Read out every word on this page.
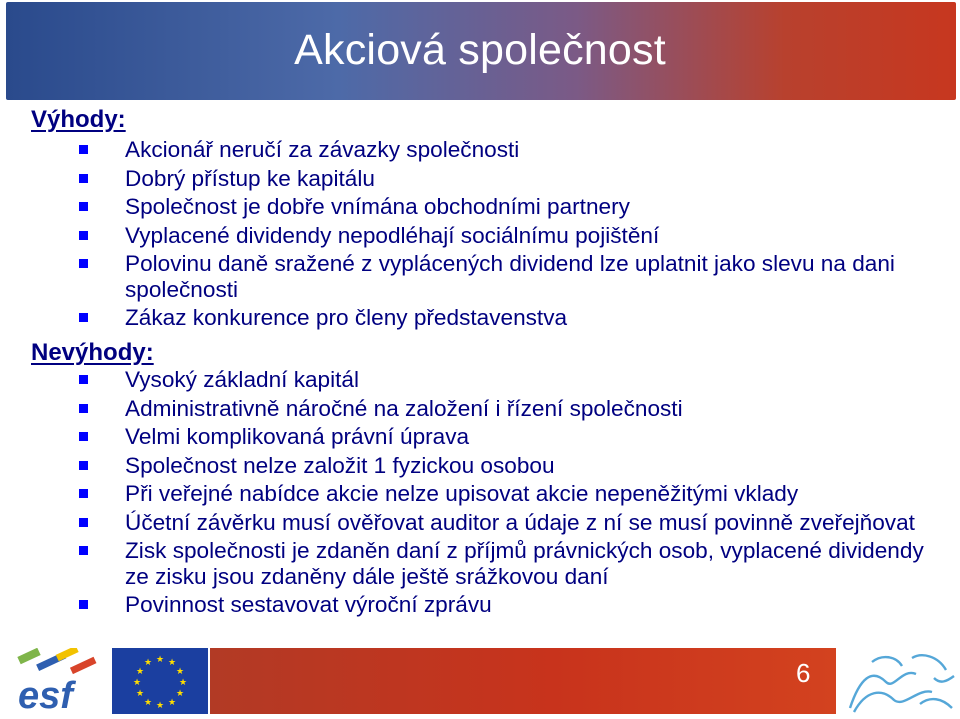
Akciová společnost
Výhody:
Akcionář neručí za závazky společnosti
Dobrý přístup ke kapitálu
Společnost je dobře vnímána obchodními partnery
Vyplacené dividendy nepodléhají sociálnímu pojištění
Polovinu daně sražené z vyplácených dividend lze uplatnit jako slevu na dani společnosti
Zákaz konkurence pro členy představenstva
Nevýhody:
Vysoký základní kapitál
Administrativně náročné na založení i řízení společnosti
Velmi komplikovaná právní úprava
Společnost nelze založit 1 fyzickou osobou
Při veřejné nabídce akcie nelze upisovat akcie nepeněžitými vklady
Účetní závěrku musí ověřovat auditor a údaje z ní se musí povinně zveřejňovat
Zisk společnosti je zdaněn daní z příjmů právnických osob, vyplacené dividendy ze zisku jsou zdaněny dále ještě srážkovou daní
Povinnost sestavovat výroční zprávu
esf
★ ★
★
★
★
★
★
★
★
★
★
★	6
